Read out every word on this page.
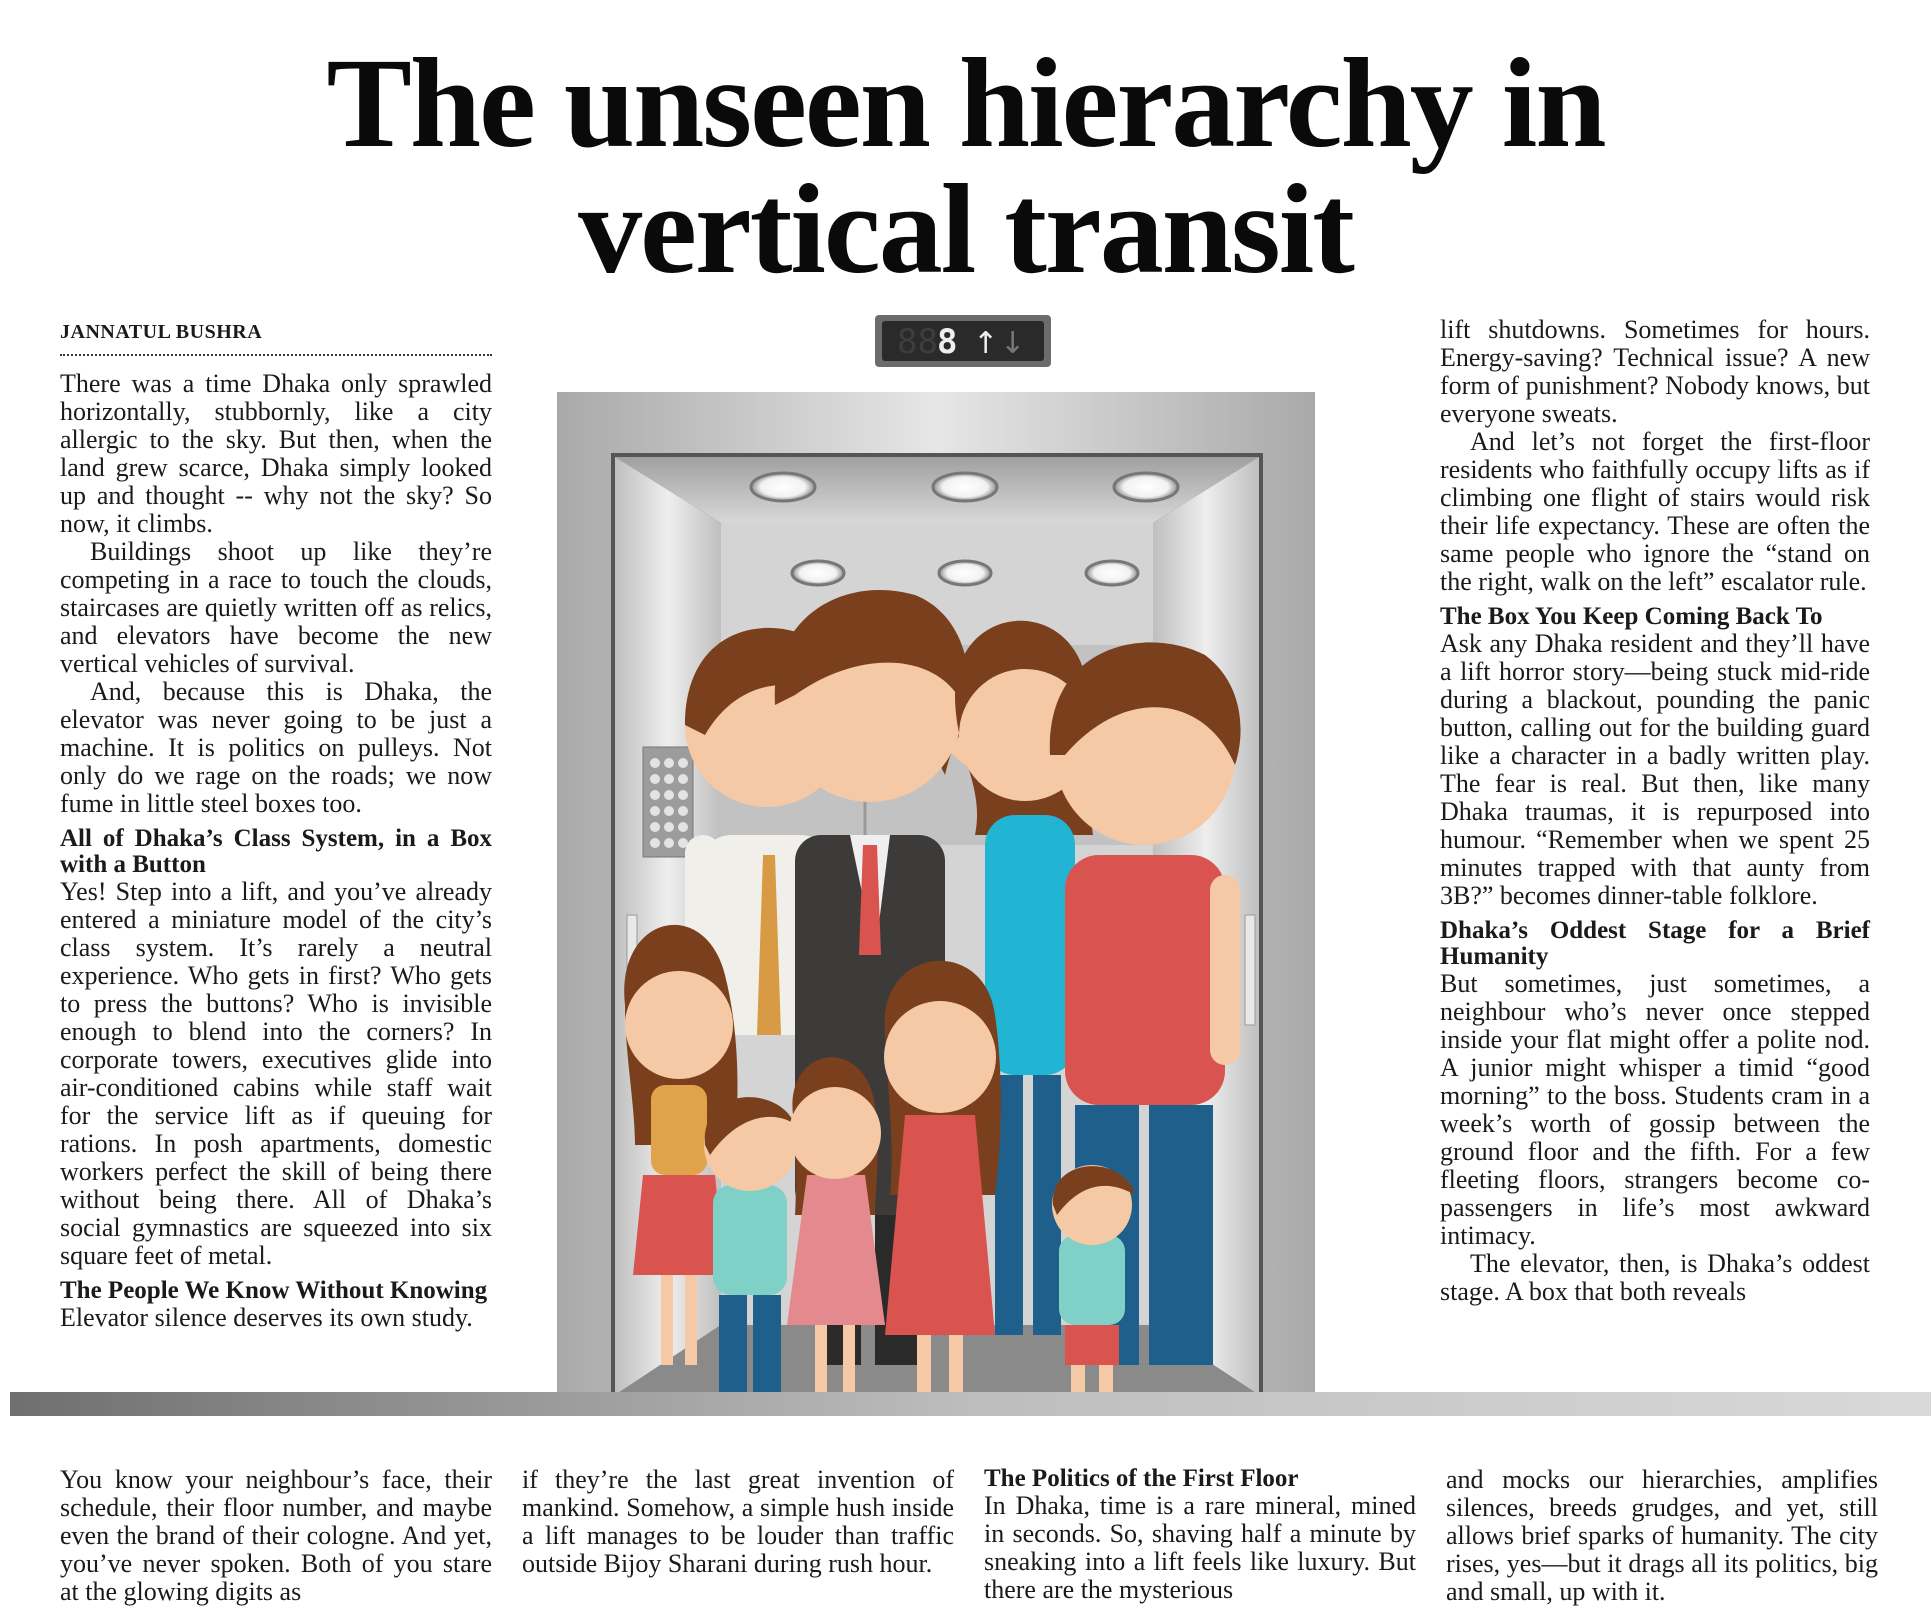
The unseen hierarchy in
vertical transit
JANNATUL BUSHRA

There was a time Dhaka only sprawled horizontally, stubbornly, like a city allergic to the sky. But then, when the land grew scarce, Dhaka simply looked up and thought -- why not the sky? So now, it climbs.

Buildings shoot up like they’re competing in a race to touch the clouds, staircases are quietly written off as relics, and elevators have become the new vertical vehicles of survival.

And, because this is Dhaka, the elevator was never going to be just a machine. It is politics on pulleys. Not only do we rage on the roads; we now fume in little steel boxes too.

All of Dhaka’s Class System, in a Box with a Button

Yes! Step into a lift, and you’ve already entered a miniature model of the city’s class system. It’s rarely a neutral experience. Who gets in first? Who gets to press the buttons? Who is invisible enough to blend into the corners? In corporate towers, executives glide into air-conditioned cabins while staff wait for the service lift as if queuing for rations. In posh apartments, domestic workers perfect the skill of being there without being there. All of Dhaka’s social gymnastics are squeezed into six square feet of metal.

The People We Know Without Knowing

Elevator silence deserves its own study.

lift shutdowns. Sometimes for hours. Energy-saving? Technical issue? A new form of punishment? Nobody knows, but everyone sweats.

And let’s not forget the first-floor residents who faithfully occupy lifts as if climbing one flight of stairs would risk their life expectancy. These are often the same people who ignore the “stand on the right, walk on the left” escalator rule.

The Box You Keep Coming Back To

Ask any Dhaka resident and they’ll have a lift horror story—being stuck mid-ride during a blackout, pounding the panic button, calling out for the building guard like a character in a badly written play. The fear is real. But then, like many Dhaka traumas, it is repurposed into humour. “Remember when we spent 25 minutes trapped with that aunty from 3B?” becomes dinner-table folklore.

Dhaka’s Oddest Stage for a Brief Humanity

But sometimes, just sometimes, a neighbour who’s never once stepped inside your flat might offer a polite nod. A junior might whisper a timid “good morning” to the boss. Students cram in a week’s worth of gossip between the ground floor and the fifth. For a few fleeting floors, strangers become co-passengers in life’s most awkward intimacy.

The elevator, then, is Dhaka’s oddest stage. A box that both reveals

88 8 ↑ ↓

You know your neighbour’s face, their schedule, their floor number, and maybe even the brand of their cologne. And yet, you’ve never spoken. Both of you stare at the glowing digits as

if they’re the last great invention of mankind. Somehow, a simple hush inside a lift manages to be louder than traffic outside Bijoy Sharani during rush hour.

The Politics of the First Floor

In Dhaka, time is a rare mineral, mined in seconds. So, shaving half a minute by sneaking into a lift feels like luxury. But there are the mysterious

and mocks our hierarchies, amplifies silences, breeds grudges, and yet, still allows brief sparks of humanity. The city rises, yes—but it drags all its politics, big and small, up with it.
